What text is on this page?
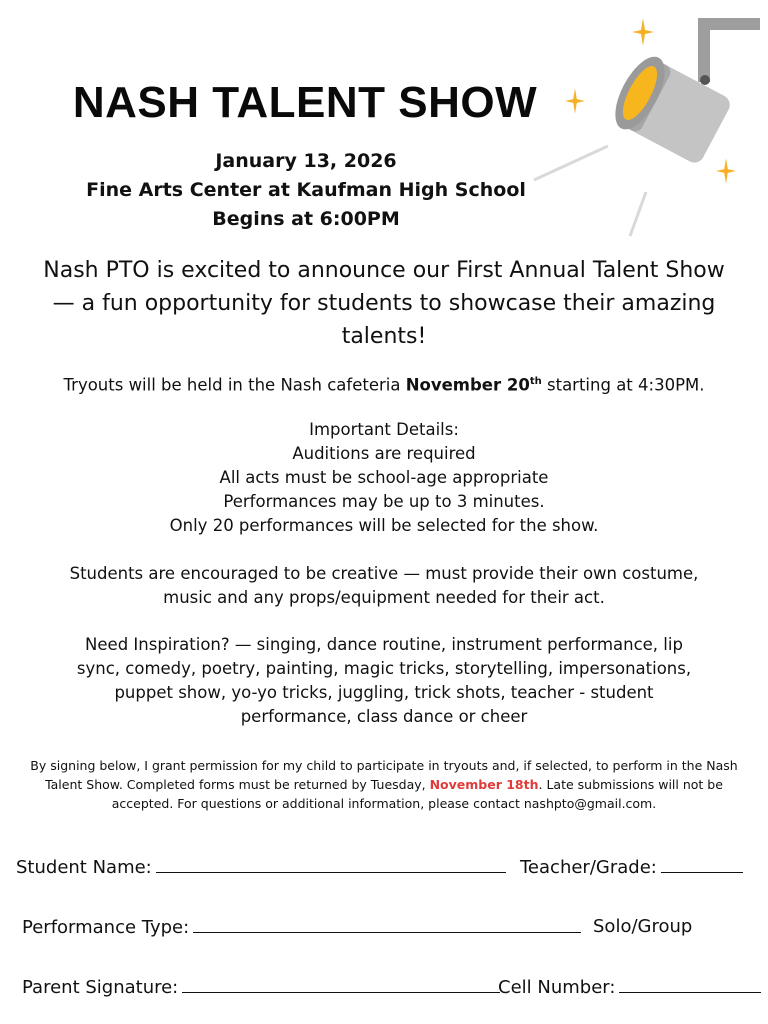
NASH TALENT SHOW
January 13, 2026
Fine Arts Center at Kaufman High School
Begins at 6:00PM
Nash PTO is excited to announce our First Annual Talent Show — a fun opportunity for students to showcase their amazing talents!
Tryouts will be held in the Nash cafeteria November 20th starting at 4:30PM.
Important Details:
Auditions are required
All acts must be school-age appropriate
Performances may be up to 3 minutes.
Only 20 performances will be selected for the show.
Students are encouraged to be creative — must provide their own costume,
music and any props/equipment needed for their act.
Need Inspiration? — singing, dance routine, instrument performance, lip
sync, comedy, poetry, painting, magic tricks, storytelling, impersonations,
puppet show, yo-yo tricks, juggling, trick shots, teacher - student
performance, class dance or cheer
By signing below, I grant permission for my child to participate in tryouts and, if selected, to perform in the Nash Talent Show. Completed forms must be returned by Tuesday, November 18th. Late submissions will not be accepted. For questions or additional information, please contact nashpto@gmail.com.
Student Name:	Teacher/Grade:
Performance Type:	Solo/Group
Parent Signature:	Cell Number:
